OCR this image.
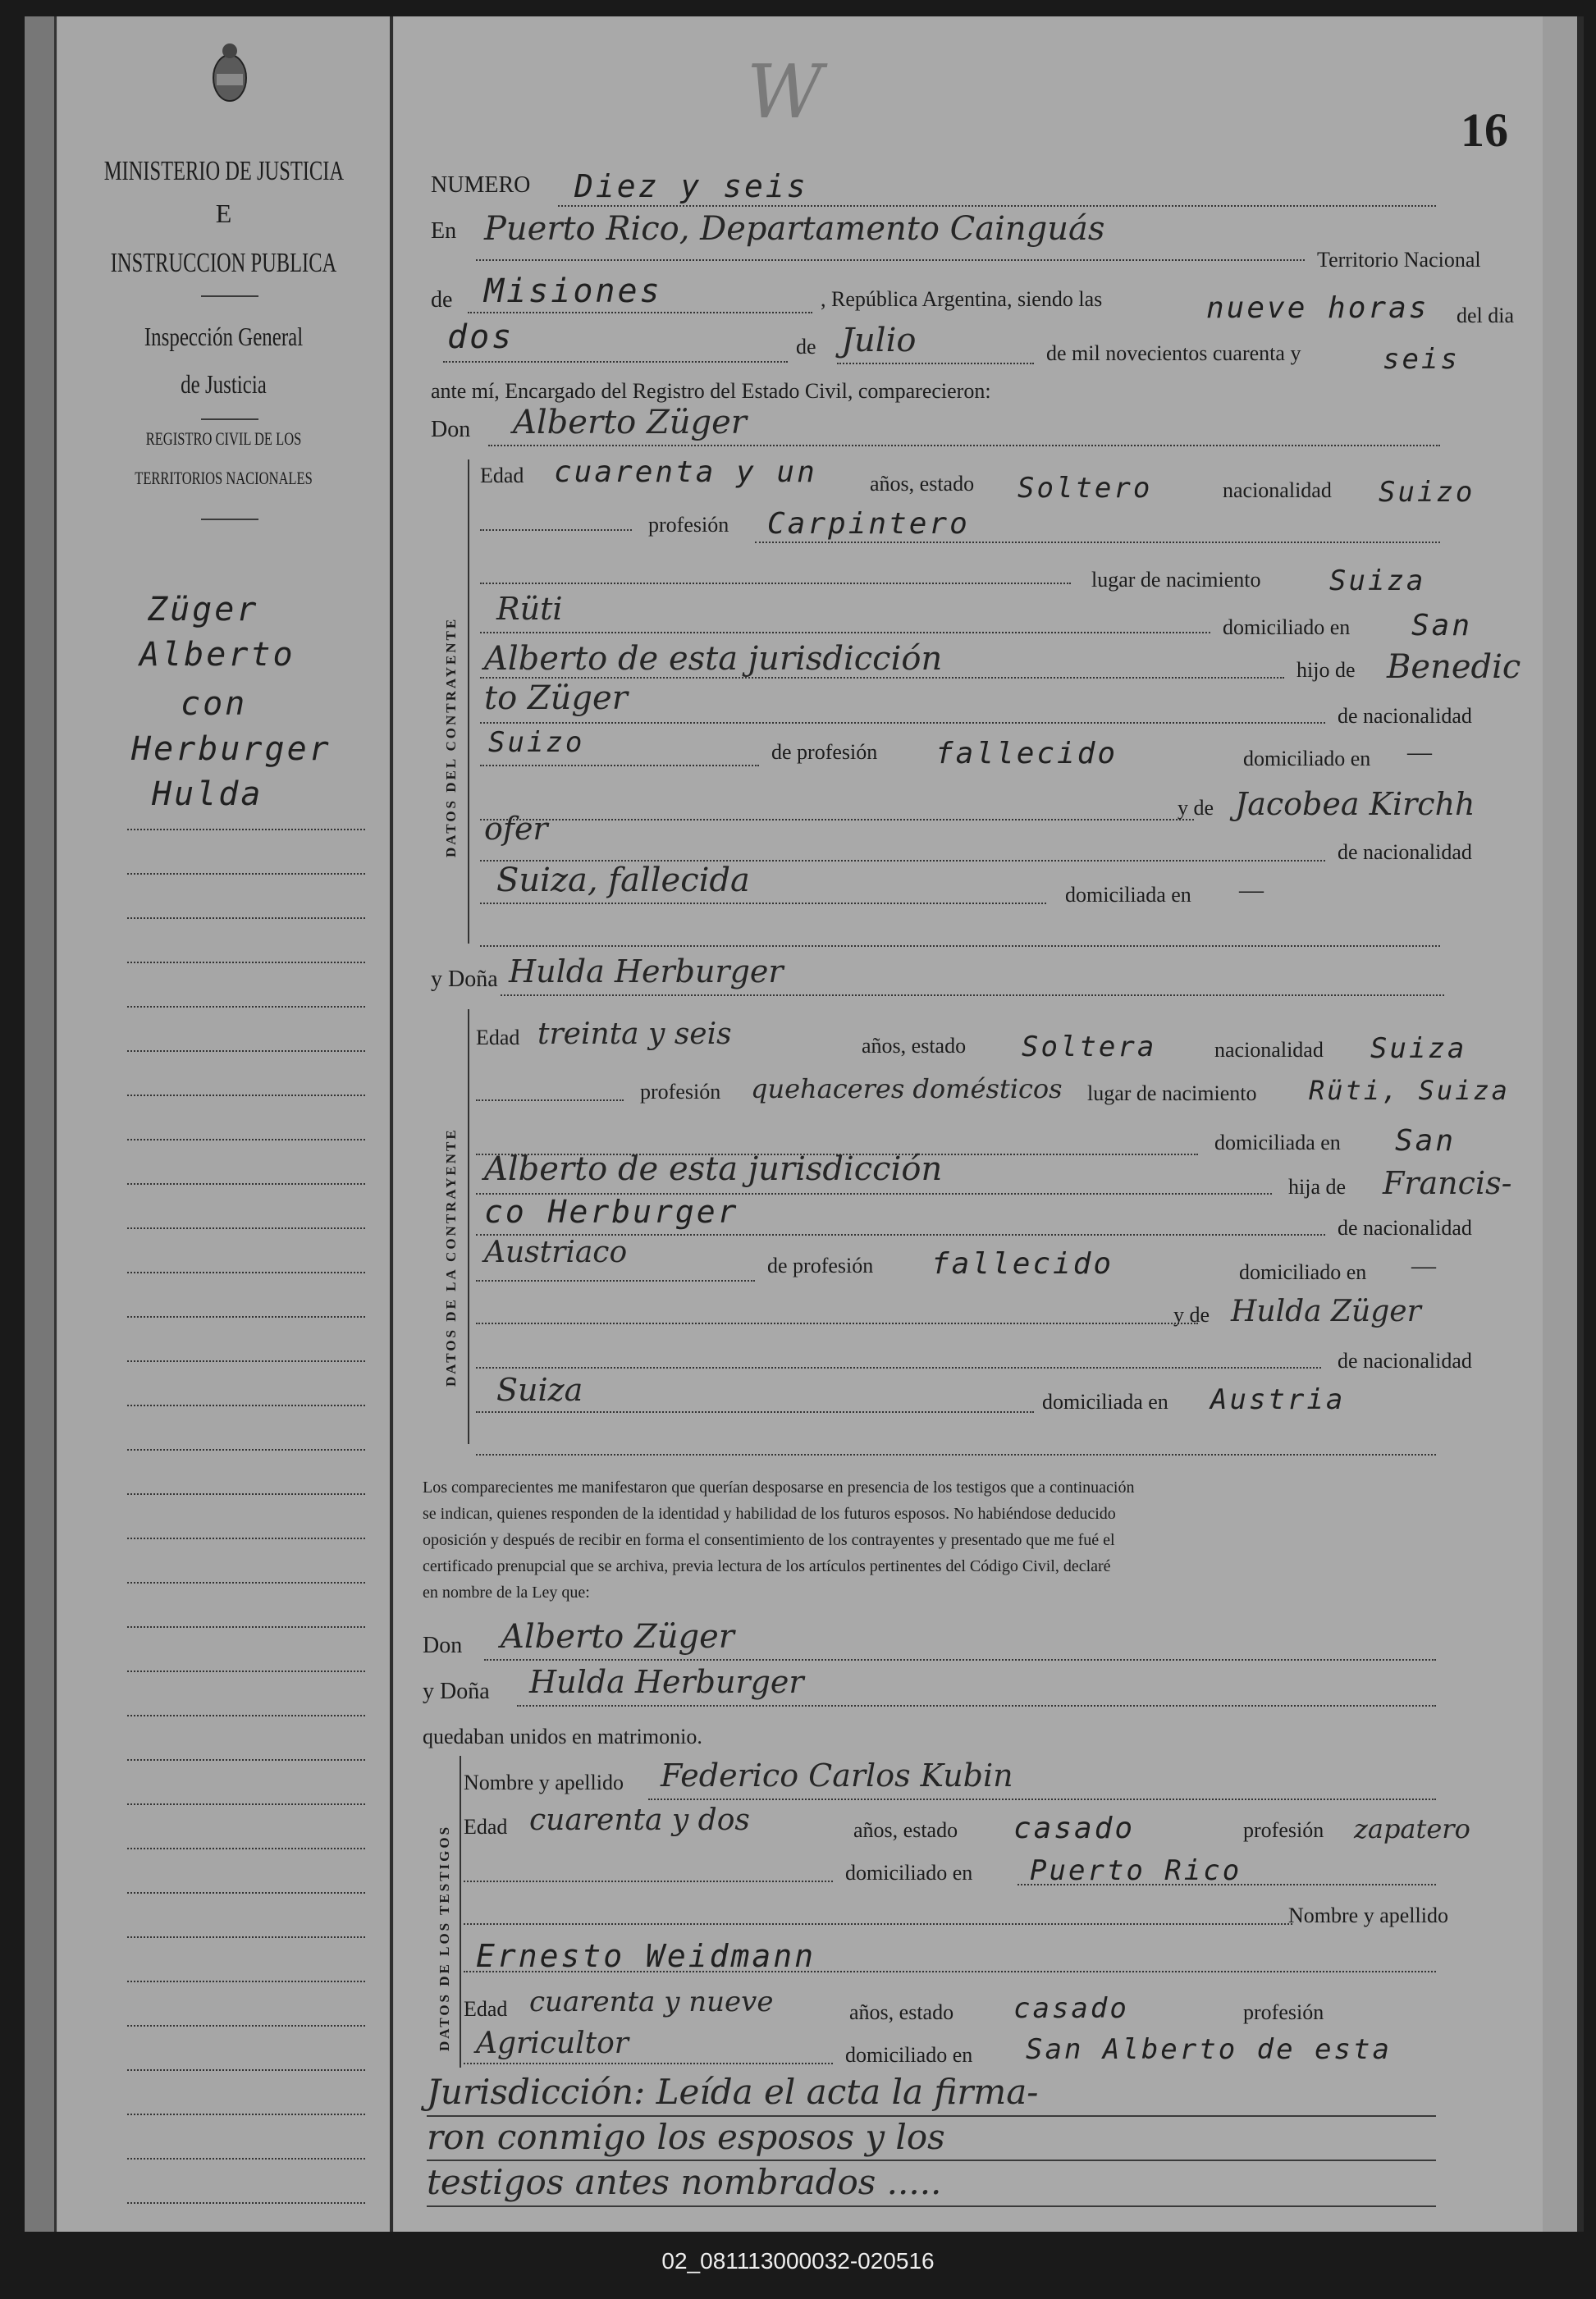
MINISTERIO DE JUSTICIA
E
INSTRUCCION PUBLICA
Inspección General
de Justicia
REGISTRO CIVIL DE LOS
TERRITORIOS NACIONALES
Züger
Alberto
con
Herburger
Hulda
W	16
NUMERO Diez y seis
En Puerto Rico, Departamento Cainguás
Territorio Nacional
de Misiones	, República Argentina, siendo las	nueve horas del dia
dos	de Julio	de mil novecientos cuarenta y	seis
ante mí, Encargado del Registro del Estado Civil, comparecieron:
Don Alberto Züger
DATOS DEL CONTRAYENTE
Edad cuarenta y un años, estado Soltero	nacionalidad Suizo
profesión Carpintero
lugar de nacimiento Suiza
Rüti
domiciliado en San
Alberto de esta jurisdicción	hijo de Benedic
to Züger	de nacionalidad
Suizo	de profesión fallecido	domiciliado en —
y de Jacobea Kirchh
ofer
de nacionalidad
Suiza, fallecida	domiciliada en —
y Doña Hulda Herburger
DATOS DE LA CONTRAYENTE
Edad treinta y seis	años, estado Soltera	nacionalidad Suiza
profesión quehaceres domésticos lugar de nacimiento Rüti, Suiza
domiciliada en San
Alberto de esta jurisdicción	hija de Francis-
co Herburger	de nacionalidad
Austriaco	de profesión fallecido	domiciliado en —
y de Hulda Züger
de nacionalidad
Suiza	domiciliada en Austria
Los comparecientes me manifestaron que querían desposarse en presencia de los testigos que a continuación
se indican, quienes responden de la identidad y habilidad de los futuros esposos. No habiéndose deducido
oposición y después de recibir en forma el consentimiento de los contrayentes y presentado que me fué el
certificado prenupcial que se archiva, previa lectura de los artículos pertinentes del Código Civil, declaré
en nombre de la Ley que:
Don Alberto Züger
y Doña Hulda Herburger
quedaban unidos en matrimonio.
DATOS DE LOS TESTIGOS
Nombre y apellido Federico Carlos Kubin
Edad cuarenta y dos	años, estado casado	profesión zapatero
domiciliado en Puerto Rico
Nombre y apellido
Ernesto Weidmann
Edad cuarenta y nueve	años, estado casado	profesión
Agricultor	domiciliado en San Alberto de esta
Jurisdicción: Leída el acta la firma-
ron conmigo los esposos y los
testigos antes nombrados .....
02_081113000032-020516
